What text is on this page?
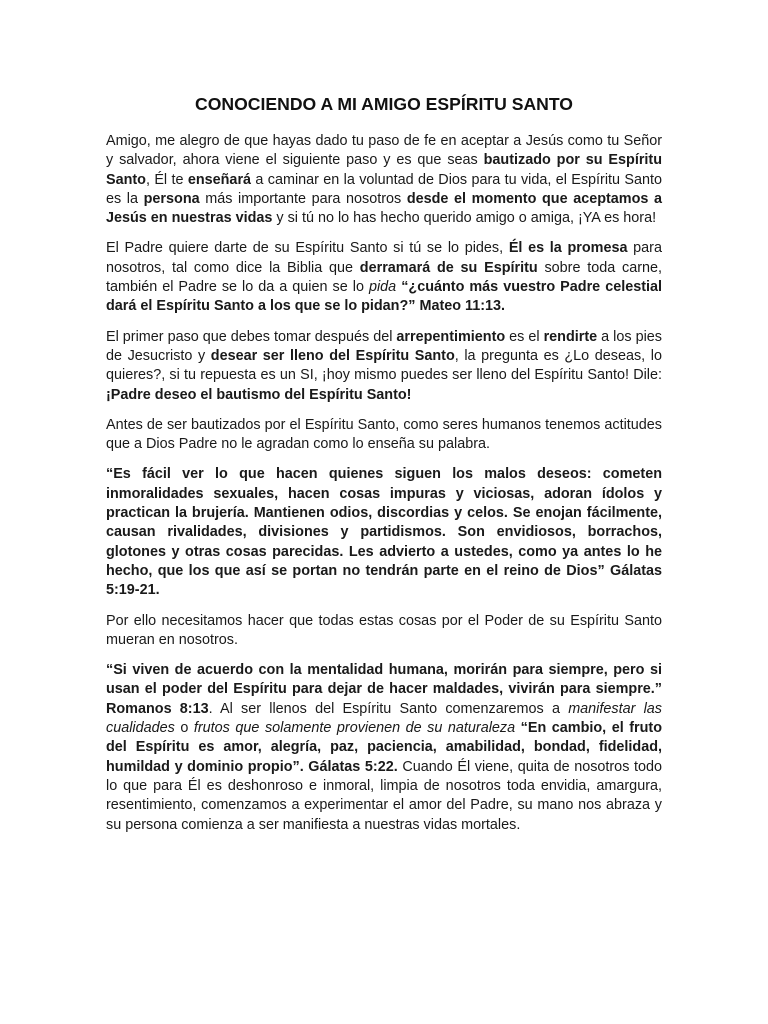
CONOCIENDO A MI AMIGO ESPÍRITU SANTO

Amigo, me alegro de que hayas dado tu paso de fe en aceptar a Jesús como tu Señor y salvador, ahora viene el siguiente paso y es que seas bautizado por su Espíritu Santo, Él te enseñará a caminar en la voluntad de Dios para tu vida, el Espíritu Santo es la persona más importante para nosotros desde el momento que aceptamos a Jesús en nuestras vidas y si tú no lo has hecho querido amigo o amiga, ¡YA es hora!

El Padre quiere darte de su Espíritu Santo si tú se lo pides, Él es la promesa para nosotros, tal como dice la Biblia que derramará de su Espíritu sobre toda carne, también el Padre se lo da a quien se lo pida “¿cuánto más vuestro Padre celestial dará el Espíritu Santo a los que se lo pidan?” Mateo 11:13.

El primer paso que debes tomar después del arrepentimiento es el rendirte a los pies de Jesucristo y desear ser lleno del Espíritu Santo, la pregunta es ¿Lo deseas, lo quieres?, si tu repuesta es un SI, ¡hoy mismo puedes ser lleno del Espíritu Santo! Dile: ¡Padre deseo el bautismo del Espíritu Santo!

Antes de ser bautizados por el Espíritu Santo, como seres humanos tenemos actitudes que a Dios Padre no le agradan como lo enseña su palabra.

“Es fácil ver lo que hacen quienes siguen los malos deseos: cometen inmoralidades sexuales, hacen cosas impuras y viciosas, adoran ídolos y practican la brujería. Mantienen odios, discordias y celos. Se enojan fácilmente, causan rivalidades, divisiones y partidismos. Son envidiosos, borrachos, glotones y otras cosas parecidas. Les advierto a ustedes, como ya antes lo he hecho, que los que así se portan no tendrán parte en el reino de Dios” Gálatas 5:19-21.

Por ello necesitamos hacer que todas estas cosas por el Poder de su Espíritu Santo mueran en nosotros.

“Si viven de acuerdo con la mentalidad humana, morirán para siempre, pero si usan el poder del Espíritu para dejar de hacer maldades, vivirán para siempre.” Romanos 8:13. Al ser llenos del Espíritu Santo comenzaremos a manifestar las cualidades o frutos que solamente provienen de su naturaleza “En cambio, el fruto del Espíritu es amor, alegría, paz, paciencia, amabilidad, bondad, fidelidad, humildad y dominio propio”. Gálatas 5:22. Cuando Él viene, quita de nosotros todo lo que para Él es deshonroso e inmoral, limpia de nosotros toda envidia, amargura, resentimiento, comenzamos a experimentar el amor del Padre, su mano nos abraza y su persona comienza a ser manifiesta a nuestras vidas mortales.
